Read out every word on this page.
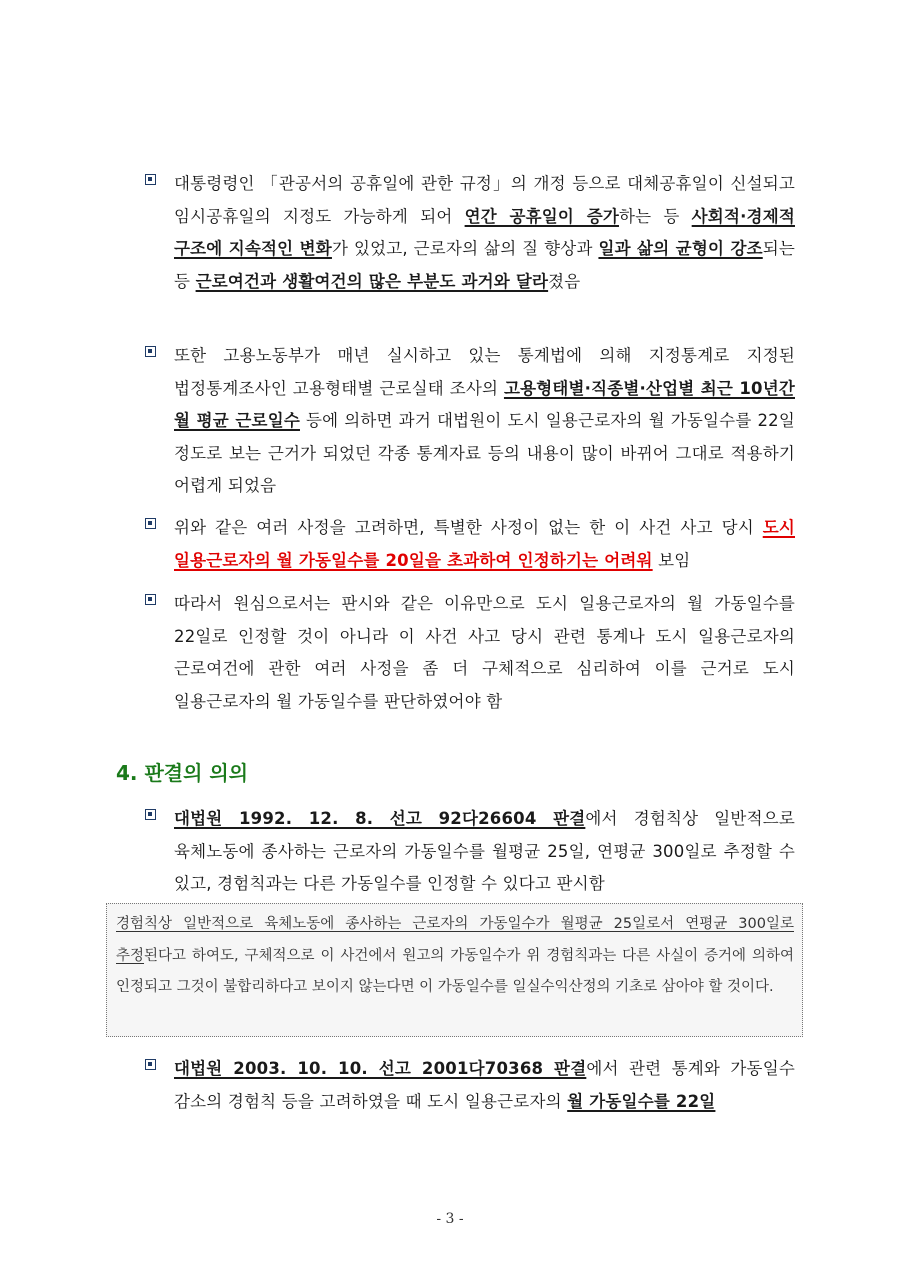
대통령령인 「관공서의 공휴일에 관한 규정」의 개정 등으로 대체공휴일이 신설되고 임시공휴일의 지정도 가능하게 되어 연간 공휴일이 증가하는 등 사회적·경제적 구조에 지속적인 변화가 있었고, 근로자의 삶의 질 향상과 일과 삶의 균형이 강조되는 등 근로여건과 생활여건의 많은 부분도 과거와 달라졌음
또한 고용노동부가 매년 실시하고 있는 통계법에 의해 지정통계로 지정된 법정통계조사인 고용형태별 근로실태 조사의 고용형태별·직종별·산업별 최근 10년간 월 평균 근로일수 등에 의하면 과거 대법원이 도시 일용근로자의 월 가동일수를 22일 정도로 보는 근거가 되었던 각종 통계자료 등의 내용이 많이 바뀌어 그대로 적용하기 어렵게 되었음
위와 같은 여러 사정을 고려하면, 특별한 사정이 없는 한 이 사건 사고 당시 도시 일용근로자의 월 가동일수를 20일을 초과하여 인정하기는 어려워 보임
따라서 원심으로서는 판시와 같은 이유만으로 도시 일용근로자의 월 가동일수를 22일로 인정할 것이 아니라 이 사건 사고 당시 관련 통계나 도시 일용근로자의 근로여건에 관한 여러 사정을 좀 더 구체적으로 심리하여 이를 근거로 도시 일용근로자의 월 가동일수를 판단하였어야 함
4. 판결의 의의
대법원 1992. 12. 8. 선고 92다26604 판결에서 경험칙상 일반적으로 육체노동에 종사하는 근로자의 가동일수를 월평균 25일, 연평균 300일로 추정할 수 있고, 경험칙과는 다른 가동일수를 인정할 수 있다고 판시함
경험칙상 일반적으로 육체노동에 종사하는 근로자의 가동일수가 월평균 25일로서 연평균 300일로 추정된다고 하여도, 구체적으로 이 사건에서 원고의 가동일수가 위 경험칙과는 다른 사실이 증거에 의하여 인정되고 그것이 불합리하다고 보이지 않는다면 이 가동일수를 일실수익산정의 기초로 삼아야 할 것이다.
대법원 2003. 10. 10. 선고 2001다70368 판결에서 관련 통계와 가동일수 감소의 경험칙 등을 고려하였을 때 도시 일용근로자의 월 가동일수를 22일
- 3 -
